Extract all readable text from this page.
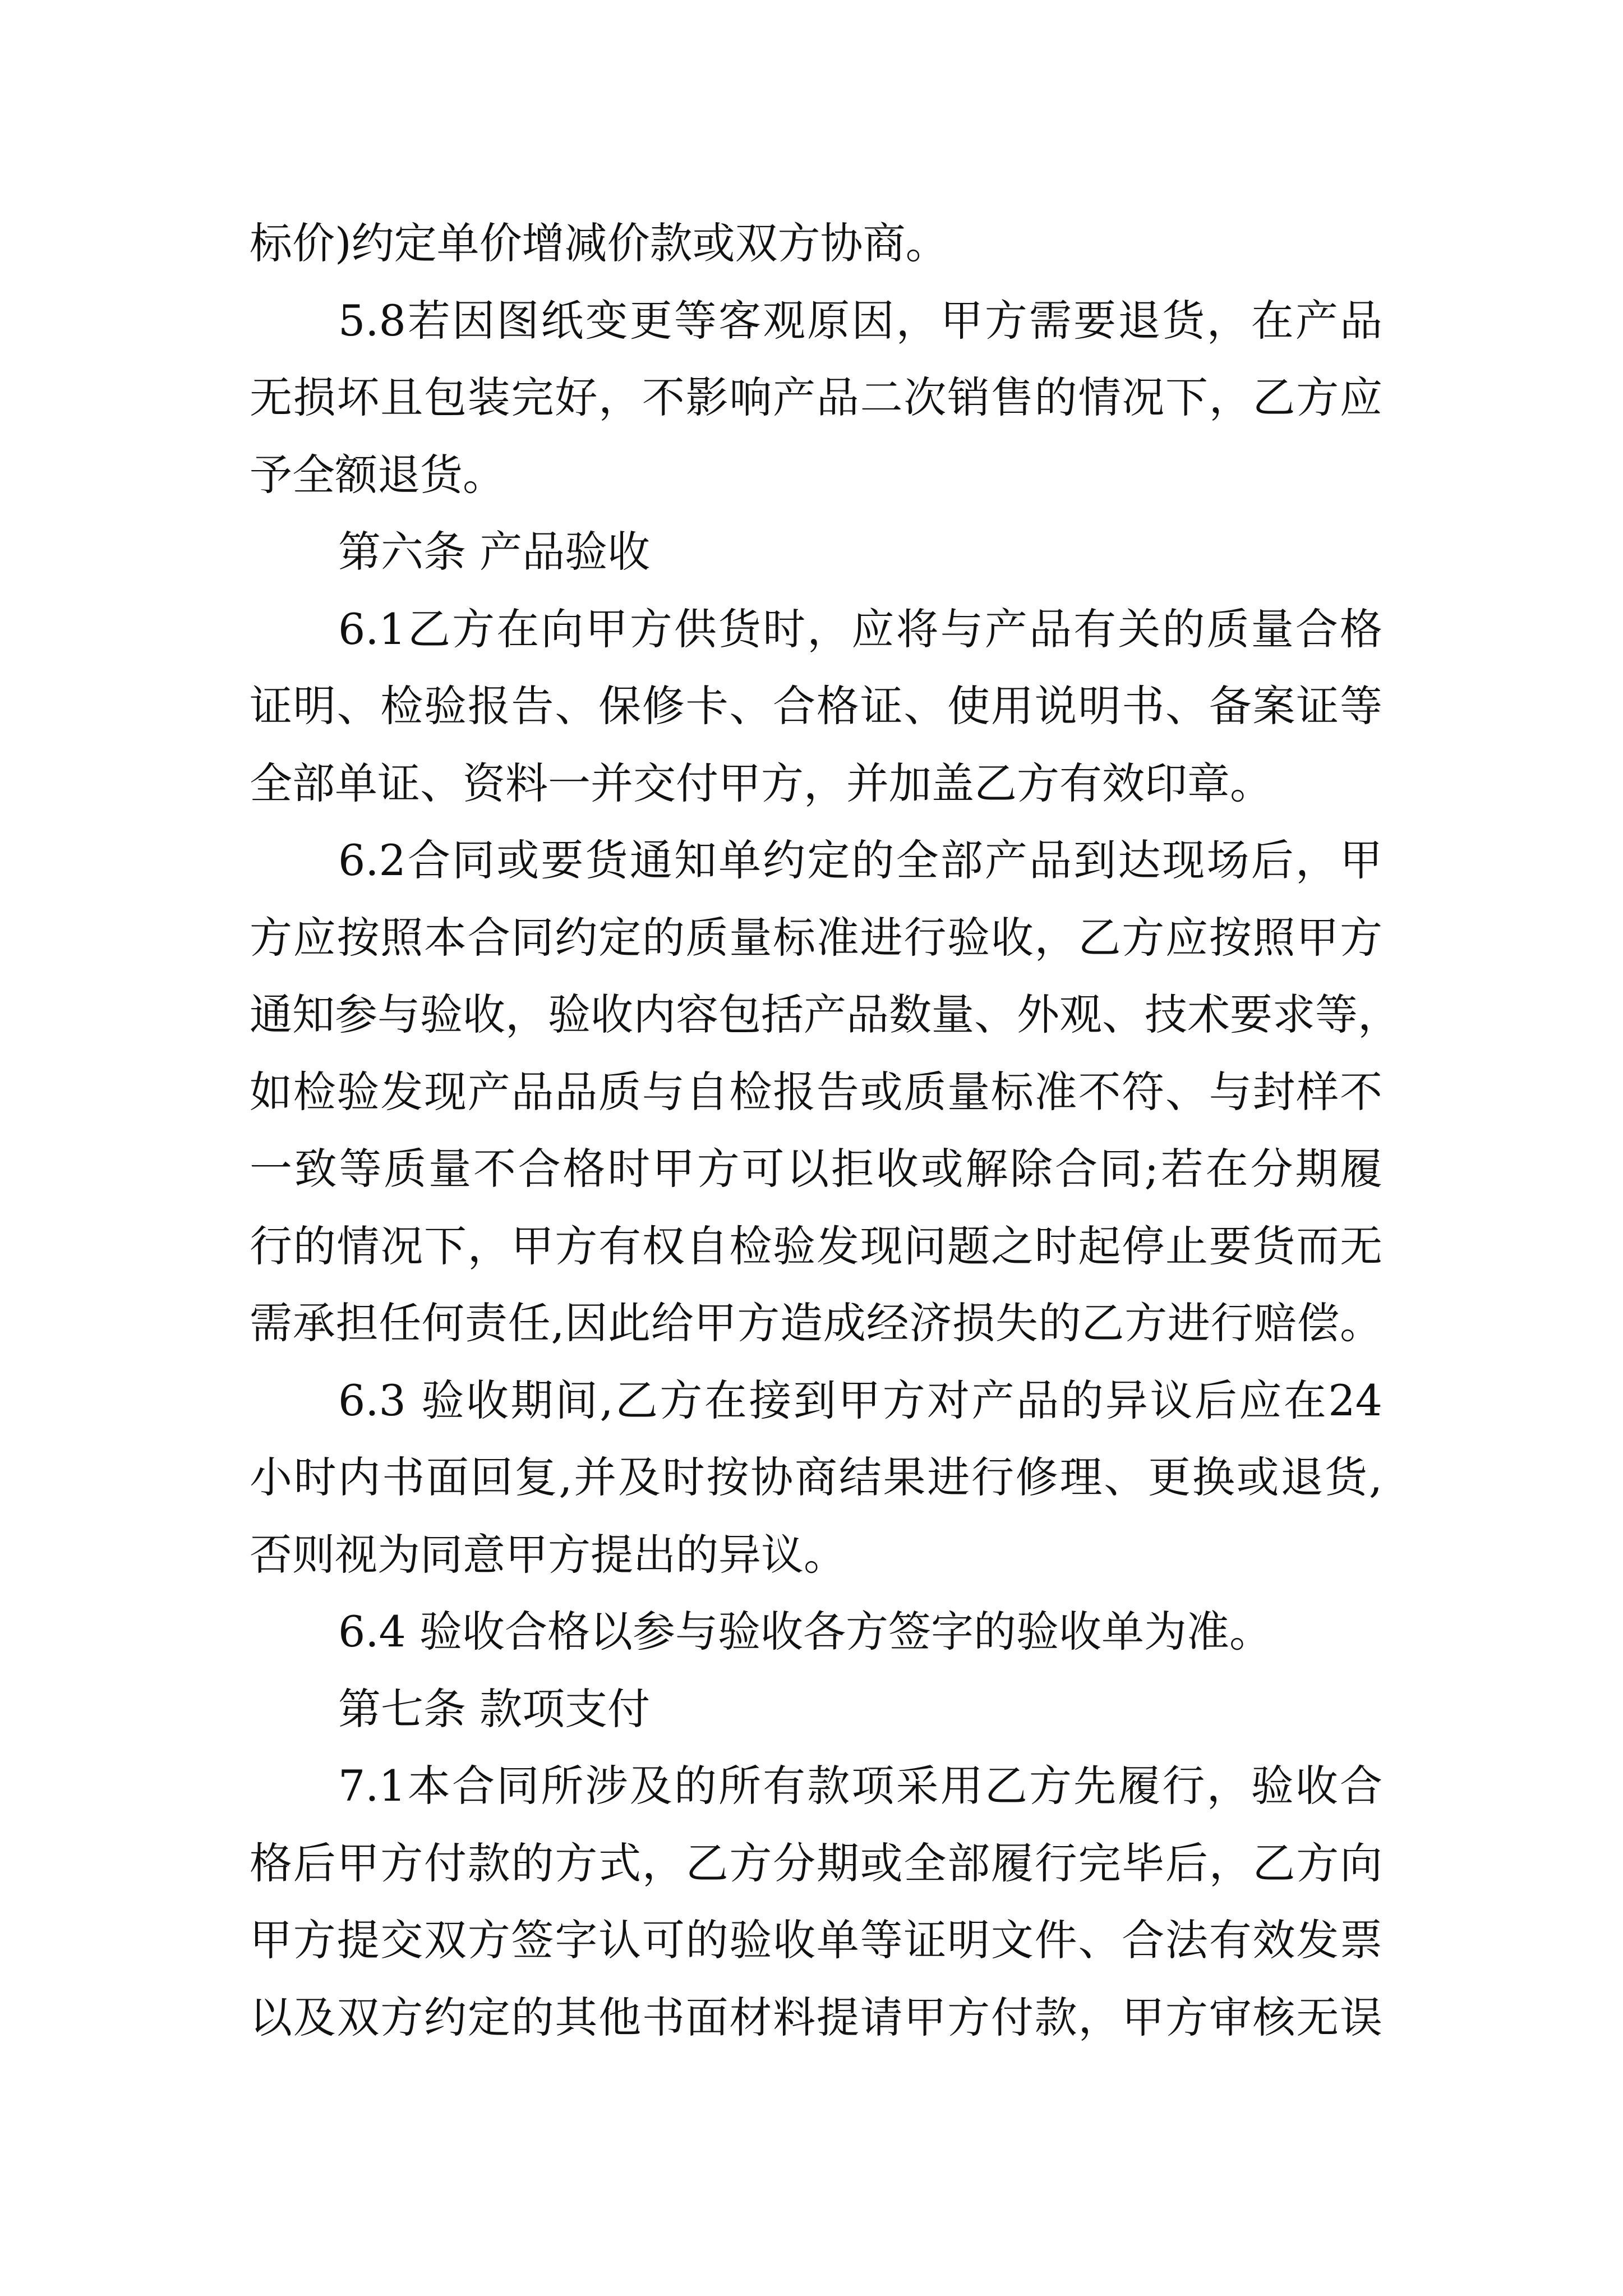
标价)约定单价增减价款或双方协商。
5.8若因图纸变更等客观原因，甲方需要退货，在产品
无损坏且包装完好，不影响产品二次销售的情况下，乙方应
予全额退货。
第六条 产品验收
6.1乙方在向甲方供货时，应将与产品有关的质量合格
证明、检验报告、保修卡、合格证、使用说明书、备案证等
全部单证、资料一并交付甲方，并加盖乙方有效印章。
6.2合同或要货通知单约定的全部产品到达现场后，甲
方应按照本合同约定的质量标准进行验收，乙方应按照甲方
通知参与验收，验收内容包括产品数量、外观、技术要求等，
如检验发现产品品质与自检报告或质量标准不符、与封样不
一致等质量不合格时甲方可以拒收或解除合同;若在分期履
行的情况下，甲方有权自检验发现问题之时起停止要货而无
需承担任何责任,因此给甲方造成经济损失的乙方进行赔偿。
6.3 验收期间,乙方在接到甲方对产品的异议后应在24
小时内书面回复,并及时按协商结果进行修理、更换或退货,
否则视为同意甲方提出的异议。
6.4 验收合格以参与验收各方签字的验收单为准。
第七条 款项支付
7.1本合同所涉及的所有款项采用乙方先履行，验收合
格后甲方付款的方式，乙方分期或全部履行完毕后，乙方向
甲方提交双方签字认可的验收单等证明文件、合法有效发票
以及双方约定的其他书面材料提请甲方付款，甲方审核无误
